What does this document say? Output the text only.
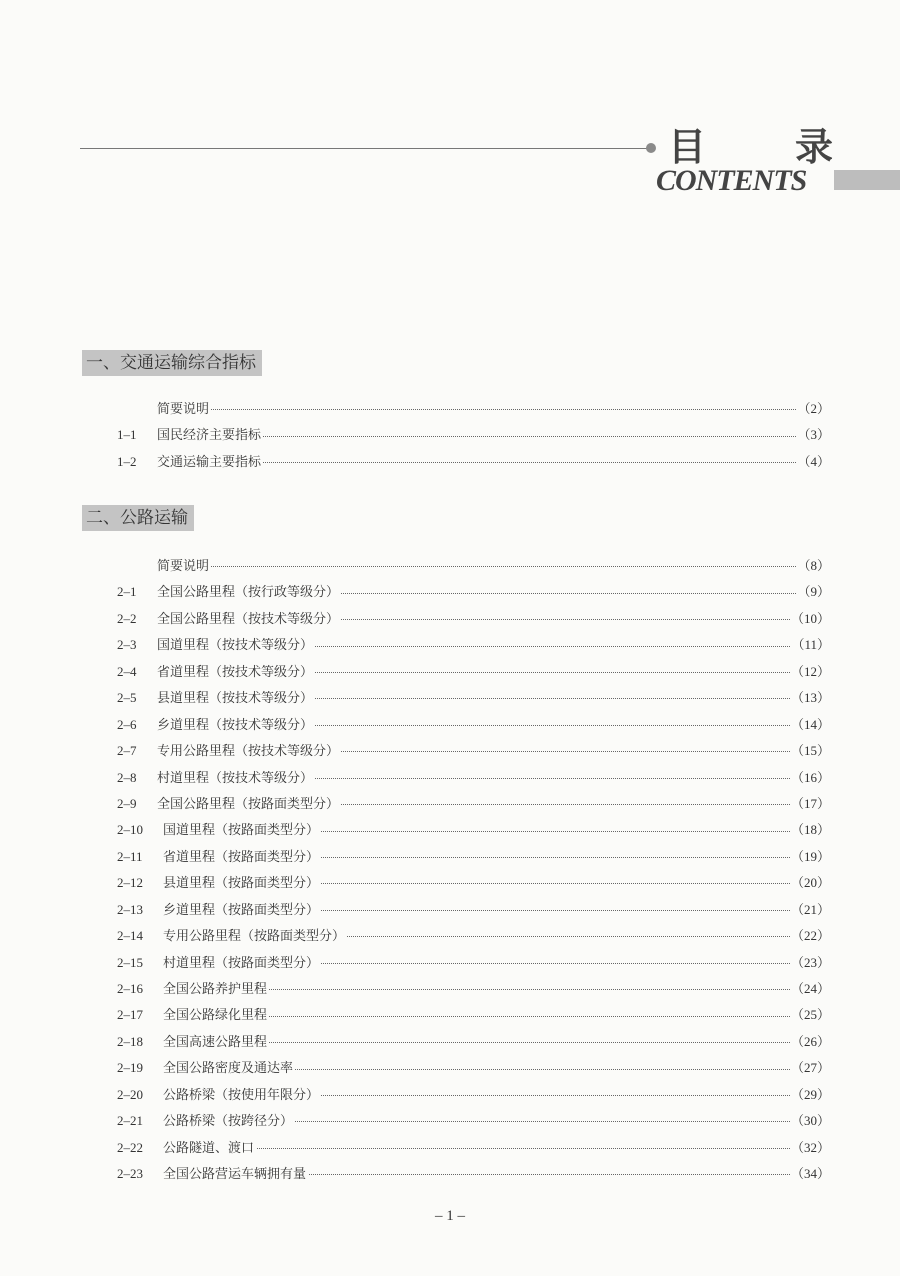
目 录
CONTENTS
一、交通运输综合指标
简要说明	（2）
1–1 国民经济主要指标	（3）
1–2 交通运输主要指标	（4）
二、公路运输
简要说明	（8）
2–1 全国公路里程（按行政等级分）	（9）
2–2 全国公路里程（按技术等级分）	（10）
2–3 国道里程（按技术等级分）	（11）
2–4 省道里程（按技术等级分）	（12）
2–5 县道里程（按技术等级分）	（13）
2–6 乡道里程（按技术等级分）	（14）
2–7 专用公路里程（按技术等级分）	（15）
2–8 村道里程（按技术等级分）	（16）
2–9 全国公路里程（按路面类型分）	（17）
2–10 国道里程（按路面类型分）	（18）
2–11 省道里程（按路面类型分）	（19）
2–12 县道里程（按路面类型分）	（20）
2–13 乡道里程（按路面类型分）	（21）
2–14 专用公路里程（按路面类型分）	（22）
2–15 村道里程（按路面类型分）	（23）
2–16 全国公路养护里程	（24）
2–17 全国公路绿化里程	（25）
2–18 全国高速公路里程	（26）
2–19 全国公路密度及通达率	（27）
2–20 公路桥梁（按使用年限分）	（29）
2–21 公路桥梁（按跨径分）	（30）
2–22 公路隧道、渡口	（32）
2–23 全国公路营运车辆拥有量	（34）
– 1 –
